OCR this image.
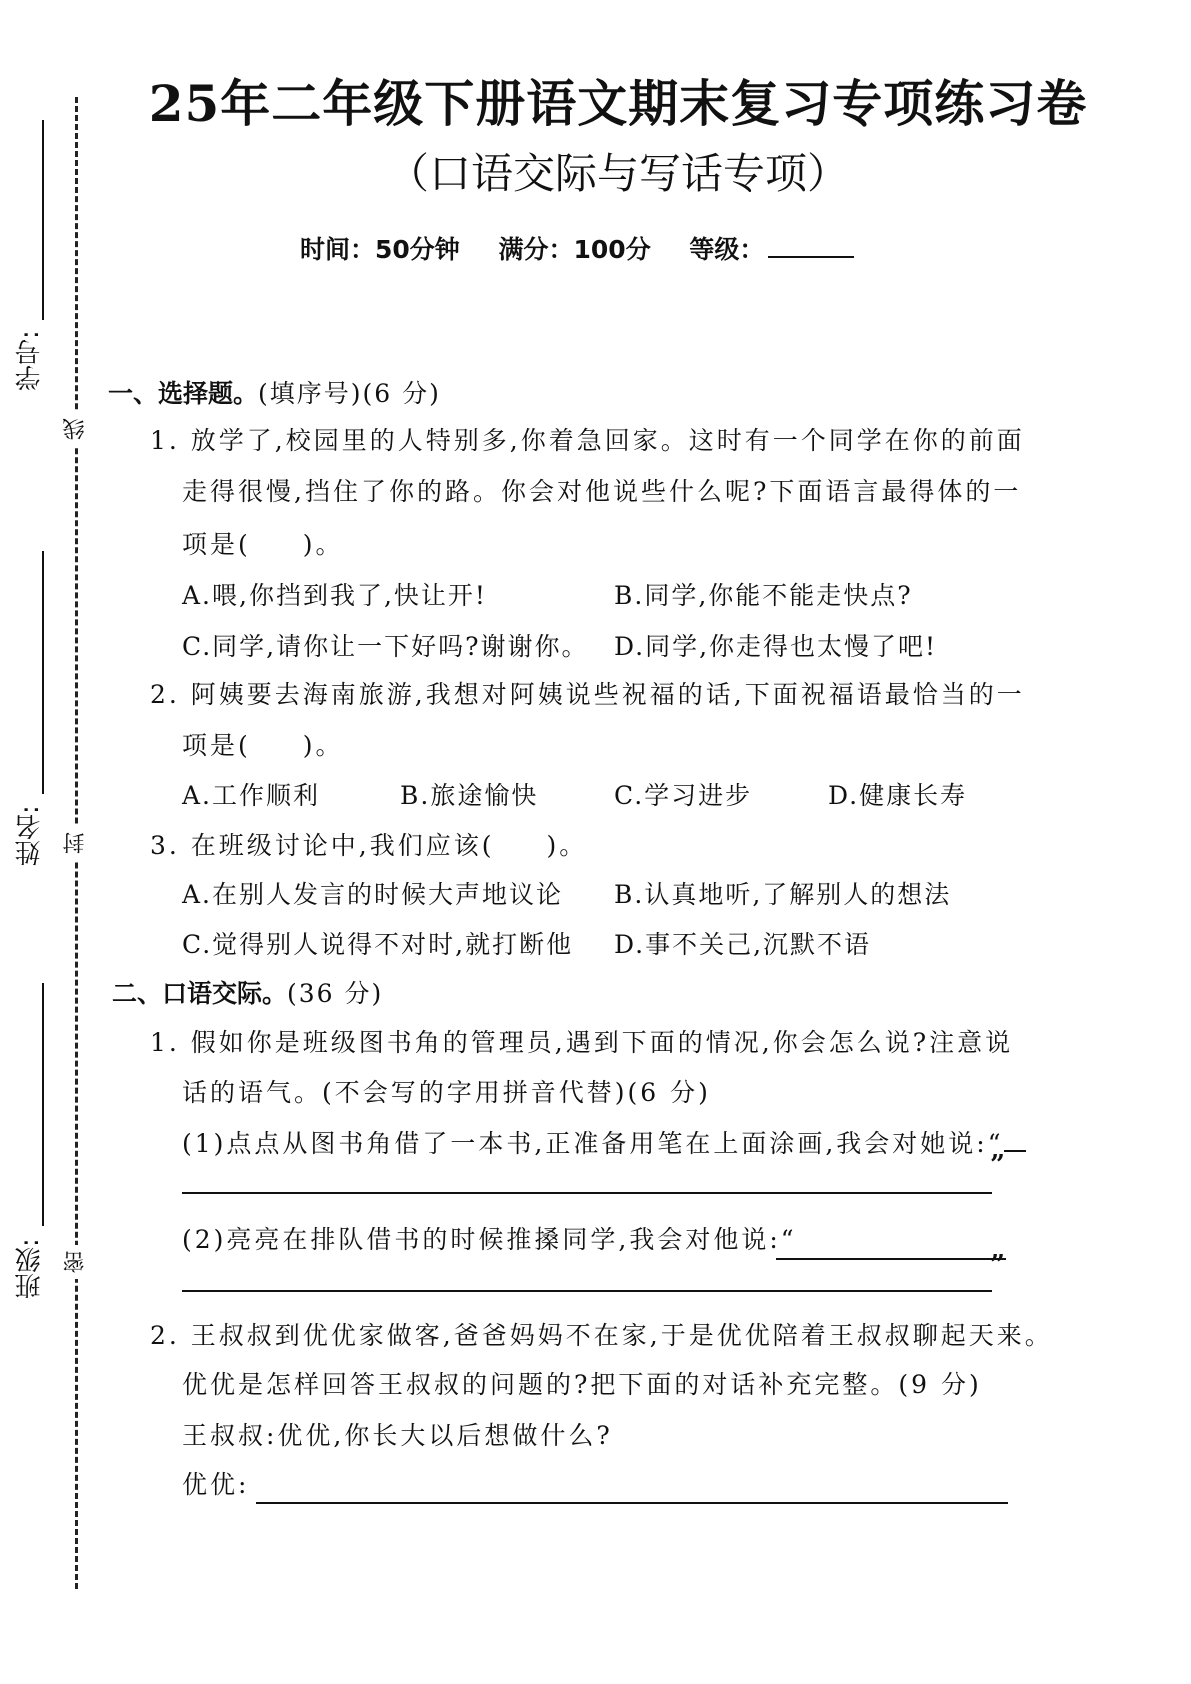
学号:
姓名:
班级:
线
封
密
25年二年级下册语文期末复习专项练习卷
（口语交际与写话专项）
时间：50分钟 满分：100分 等级：
一、选择题。(填序号)(6 分)
1. 放学了,校园里的人特别多,你着急回家。这时有一个同学在你的前面
走得很慢,挡住了你的路。你会对他说些什么呢?下面语言最得体的一
项是( )。
A.喂,你挡到我了,快让开!	B.同学,你能不能走快点?
C.同学,请你让一下好吗?谢谢你。 D.同学,你走得也太慢了吧!
2. 阿姨要去海南旅游,我想对阿姨说些祝福的话,下面祝福语最恰当的一
项是( )。
A.工作顺利	B.旅途愉快	C.学习进步	D.健康长寿
3. 在班级讨论中,我们应该( )。
A.在别人发言的时候大声地议论 B.认真地听,了解别人的想法
C.觉得别人说得不对时,就打断他 D.事不关己,沉默不语
二、口语交际。(36 分)
1. 假如你是班级图书角的管理员,遇到下面的情况,你会怎么说?注意说
话的语气。(不会写的字用拼音代替)(6 分)
(1)点点从图书角借了一本书,正准备用笔在上面涂画,我会对她说:“
”
(2)亮亮在排队借书的时候推搡同学,我会对他说:“
”
2. 王叔叔到优优家做客,爸爸妈妈不在家,于是优优陪着王叔叔聊起天来。
优优是怎样回答王叔叔的问题的?把下面的对话补充完整。(9 分)
王叔叔:优优,你长大以后想做什么?
优优:
